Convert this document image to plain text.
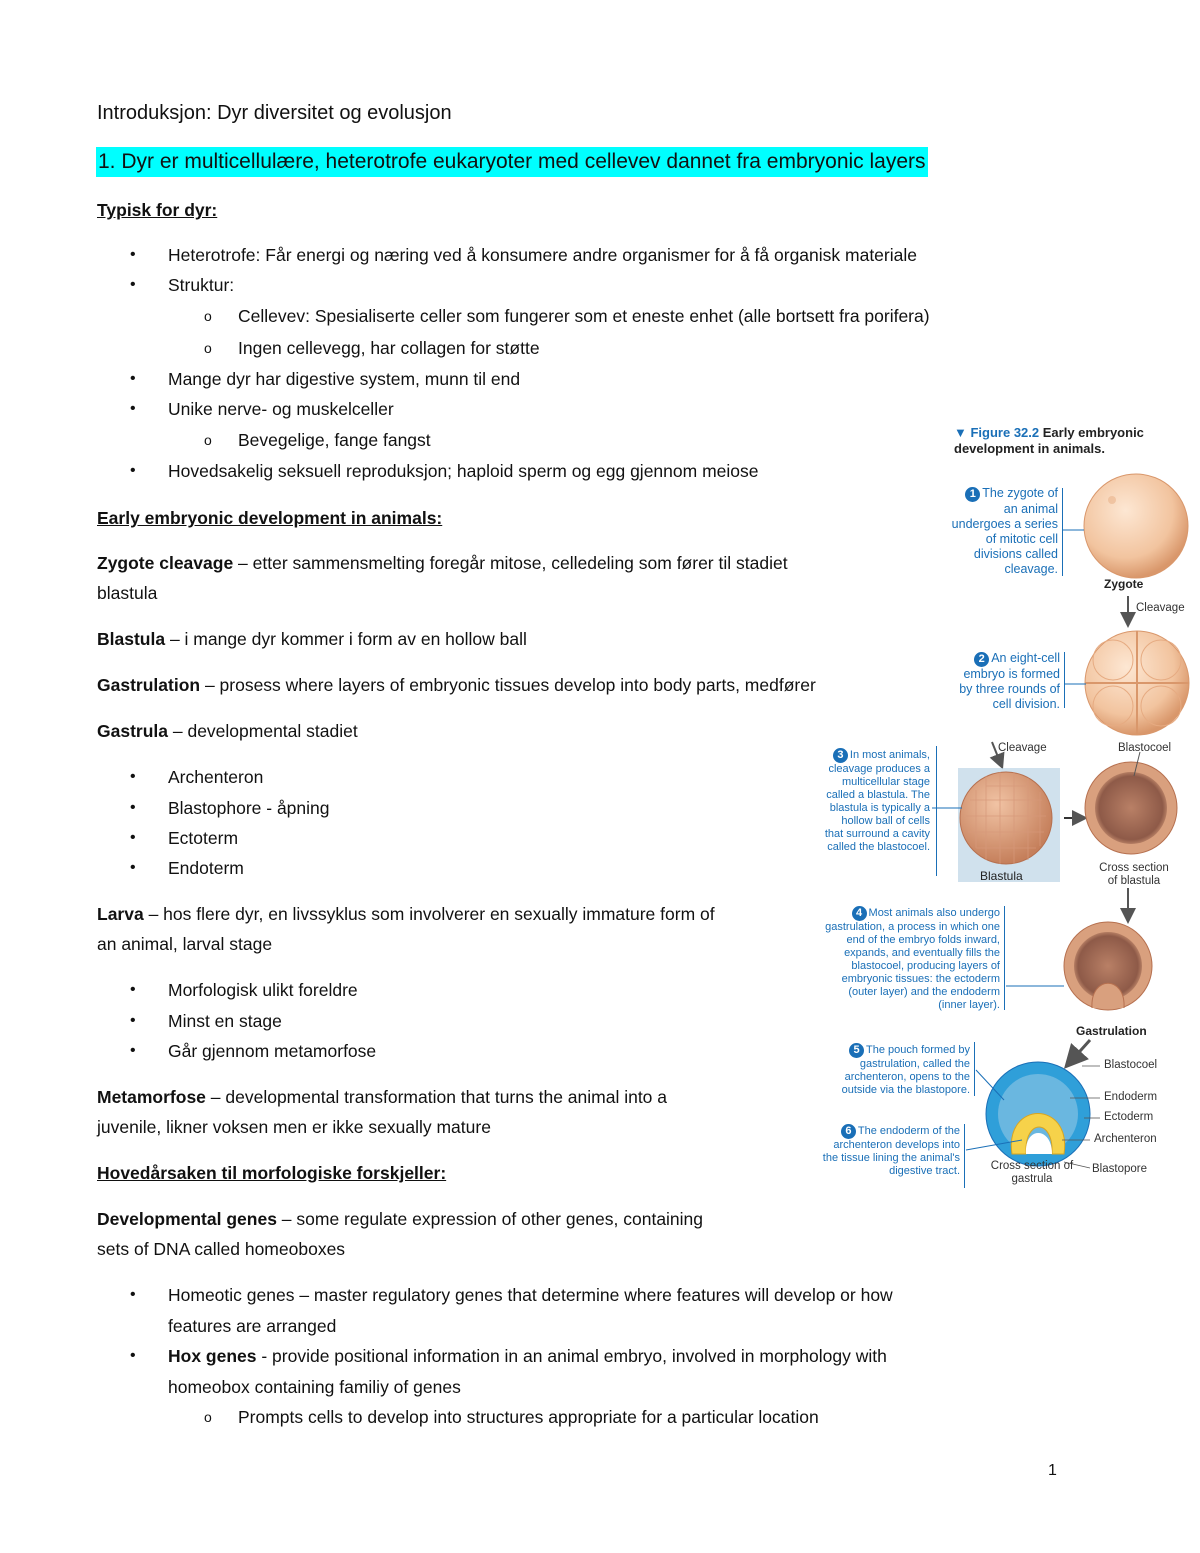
Introduksjon: Dyr diversitet og evolusjon
1. Dyr er multicellulære, heterotrofe eukaryoter med cellevev dannet fra embryonic layers
Typisk for dyr:
• Heterotrofe: Får energi og næring ved å konsumere andre organismer for å få organisk materiale
• Struktur:
o Cellevev: Spesialiserte celler som fungerer som et eneste enhet (alle bortsett fra porifera)
o Ingen cellevegg, har collagen for støtte
• Mange dyr har digestive system, munn til end
• Unike nerve- og muskelceller
o Bevegelige, fange fangst
• Hovedsakelig seksuell reproduksjon; haploid sperm og egg gjennom meiose
Early embryonic development in animals:
Zygote cleavage – etter sammensmelting foregår mitose, celledeling som fører til stadiet
blastula
Blastula – i mange dyr kommer i form av en hollow ball
Gastrulation – prosess where layers of embryonic tissues develop into body parts, medfører
Gastrula – developmental stadiet
• Archenteron
• Blastophore - åpning
• Ectoterm
• Endoterm
Larva – hos flere dyr, en livssyklus som involverer en sexually immature form of
an animal, larval stage
• Morfologisk ulikt foreldre
• Minst en stage
• Går gjennom metamorfose
Metamorfose – developmental transformation that turns the animal into a
juvenile, likner voksen men er ikke sexually mature
Hovedårsaken til morfologiske forskjeller:
Developmental genes – some regulate expression of other genes, containing
sets of DNA called homeoboxes
• Homeotic genes – master regulatory genes that determine where features will develop or how
features are arranged
• Hox genes - provide positional information in an animal embryo, involved in morphology with
homeobox containing familiy of genes
o Prompts cells to develop into structures appropriate for a particular location
1
▼ Figure 32.2 Early embryonic development in animals.
1 The zygote of an animal undergoes a series of mitotic cell divisions called cleavage.
2 An eight-cell embryo is formed by three rounds of cell division.
3 In most animals, cleavage produces a multicellular stage called a blastula. The blastula is typically a hollow ball of cells that surround a cavity called the blastocoel.
4 Most animals also undergo gastrulation, a process in which one end of the embryo folds inward, expands, and eventually fills the blastocoel, producing layers of embryonic tissues: the ectoderm (outer layer) and the endoderm (inner layer).
5 The pouch formed by gastrulation, called the archenteron, opens to the outside via the blastopore.
6 The endoderm of the archenteron develops into the tissue lining the animal's digestive tract.
Zygote
Cleavage
Cleavage	Blastocoel
Blastula
Cross section of blastula
Gastrulation
Blastocoel
Endoderm
Ectoderm
Archenteron
Blastopore
Cross section of gastrula
